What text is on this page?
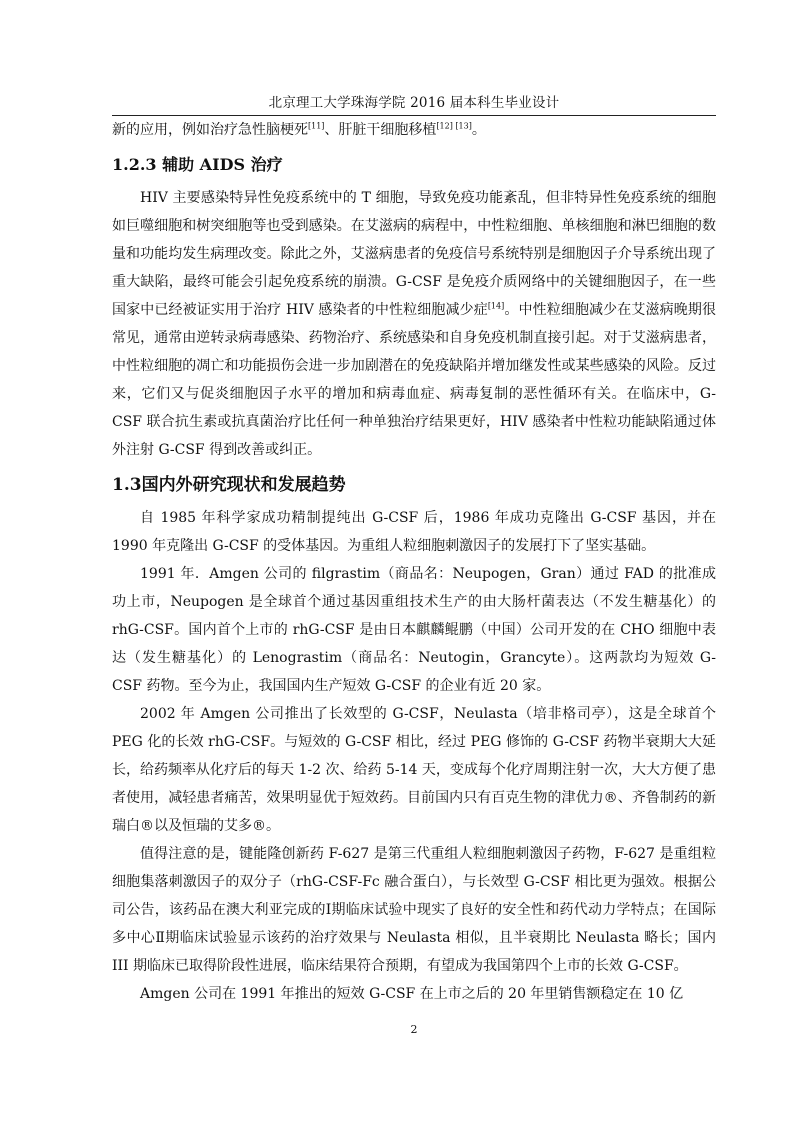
北京理工大学珠海学院 2016 届本科生毕业设计

新的应用，例如治疗急性脑梗死[11]、肝脏干细胞移植[12] [13]。

1.2.3 辅助 AIDS 治疗

HIV 主要感染特异性免疫系统中的 T 细胞，导致免疫功能紊乱，但非特异性免疫系统的细胞如巨噬细胞和树突细胞等也受到感染。在艾滋病的病程中，中性粒细胞、单核细胞和淋巴细胞的数量和功能均发生病理改变。除此之外，艾滋病患者的免疫信号系统特别是细胞因子介导系统出现了重大缺陷，最终可能会引起免疫系统的崩溃。G-CSF 是免疫介质网络中的关键细胞因子，在一些国家中已经被证实用于治疗 HIV 感染者的中性粒细胞减少症[14]。中性粒细胞减少在艾滋病晚期很常见，通常由逆转录病毒感染、药物治疗、系统感染和自身免疫机制直接引起。对于艾滋病患者，中性粒细胞的凋亡和功能损伤会进一步加剧潜在的免疫缺陷并增加继发性或某些感染的风险。反过来，它们又与促炎细胞因子水平的增加和病毒血症、病毒复制的恶性循环有关。在临床中，G-CSF 联合抗生素或抗真菌治疗比任何一种单独治疗结果更好，HIV 感染者中性粒功能缺陷通过体外注射 G-CSF 得到改善或纠正。

1.3国内外研究现状和发展趋势

自 1985 年科学家成功精制提纯出 G-CSF 后，1986 年成功克隆出 G-CSF 基因，并在 1990 年克隆出 G-CSF 的受体基因。为重组人粒细胞刺激因子的发展打下了坚实基础。

1991 年．Amgen 公司的 filgrastim（商品名：Neupogen，Gran）通过 FAD 的批准成功上市，Neupogen 是全球首个通过基因重组技术生产的由大肠杆菌表达（不发生糖基化）的 rhG-CSF。国内首个上市的 rhG-CSF 是由日本麒麟鲲鹏（中国）公司开发的在 CHO 细胞中表达（发生糖基化）的 Lenograstim（商品名：Neutogin，Grancyte）。这两款均为短效 G-CSF 药物。至今为止，我国国内生产短效 G-CSF 的企业有近 20 家。

2002 年 Amgen 公司推出了长效型的 G-CSF，Neulasta（培非格司亭），这是全球首个 PEG 化的长效 rhG-CSF。与短效的 G-CSF 相比，经过 PEG 修饰的 G-CSF 药物半衰期大大延长，给药频率从化疗后的每天 1-2 次、给药 5-14 天，变成每个化疗周期注射一次，大大方便了患者使用，减轻患者痛苦，效果明显优于短效药。目前国内只有百克生物的津优力®、齐鲁制药的新瑞白®以及恒瑞的艾多®。

值得注意的是，键能隆创新药 F-627 是第三代重组人粒细胞刺激因子药物，F-627 是重组粒细胞集落刺激因子的双分子（rhG-CSF-Fc 融合蛋白），与长效型 G-CSF 相比更为强效。根据公司公告，该药品在澳大利亚完成的Ⅰ期临床试验中现实了良好的安全性和药代动力学特点；在国际多中心Ⅱ期临床试验显示该药的治疗效果与 Neulasta 相似，且半衰期比 Neulasta 略长；国内 III 期临床已取得阶段性进展，临床结果符合预期，有望成为我国第四个上市的长效 G-CSF。

Amgen 公司在 1991 年推出的短效 G-CSF 在上市之后的 20 年里销售额稳定在 10 亿

2
